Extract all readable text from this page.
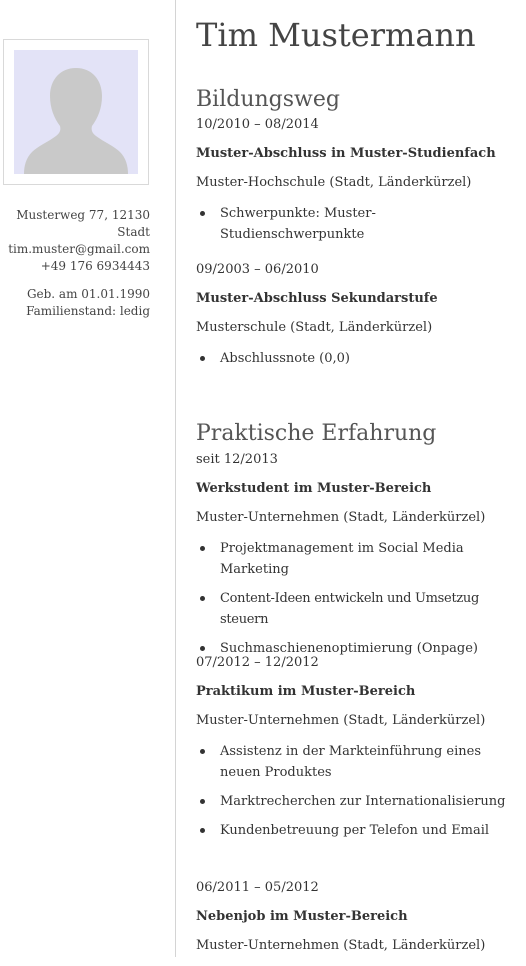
Musterweg 77, 12130 Stadt
tim.muster@gmail.com
+49 176 6934443
Geb. am 01.01.1990
Familienstand: ledig
Tim Mustermann
Bildungsweg
10/2010 – 08/2014
Muster-Abschluss in Muster-Studienfach
Muster-Hochschule (Stadt, Länderkürzel)
Schwerpunkte: Muster-Studienschwerpunkte
09/2003 – 06/2010
Muster-Abschluss Sekundarstufe
Musterschule (Stadt, Länderkürzel)
Abschlussnote (0,0)
Praktische Erfahrung
seit 12/2013
Werkstudent im Muster-Bereich
Muster-Unternehmen (Stadt, Länderkürzel)
Projektmanagement im Social Media Marketing
Content-Ideen entwickeln und Umsetzug steuern
Suchmaschienenoptimierung (Onpage)
07/2012 – 12/2012
Praktikum im Muster-Bereich
Muster-Unternehmen (Stadt, Länderkürzel)
Assistenz in der Markteinführung eines neuen Produktes
Marktrecherchen zur Internationalisierung
Kundenbetreuung per Telefon und Email
06/2011 – 05/2012
Nebenjob im Muster-Bereich
Muster-Unternehmen (Stadt, Länderkürzel)
